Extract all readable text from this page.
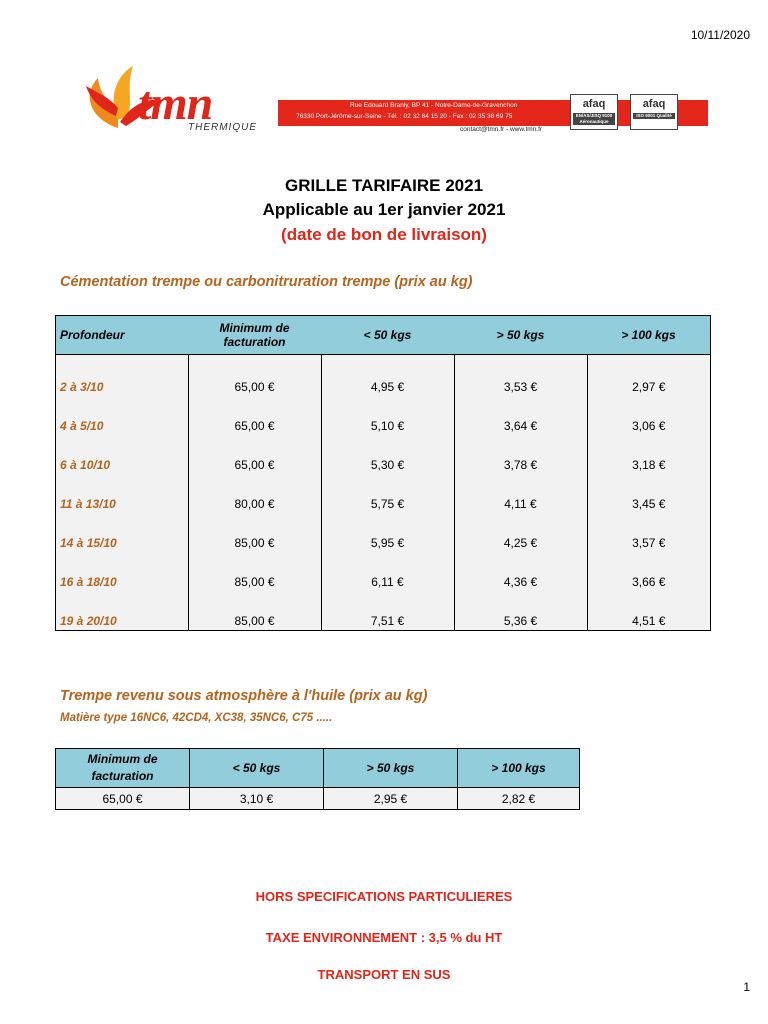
10/11/2020
tmn
THERMIQUE
Rue Edouard Branly, BP 41 - Notre-Dame-de-Gravenchon
76330 Port-Jérôme-sur-Seine - Tél. : 02 32 84 15 20 - Fax : 02 35 38 69 75
contact@tmn.fr - www.tmn.fr
afaq
EN/AS/JISQ 9100 Aéronautique
afaq
ISO 9001 Qualité
GRILLE TARIFAIRE 2021
Applicable au 1er janvier 2021
(date de bon de livraison)
Cémentation trempe ou carbonitruration trempe (prix au kg)
Profondeur	Minimum de facturation	< 50 kgs	> 50 kgs	> 100 kgs
2 à 3/10	65,00 €	4,95 €	3,53 €	2,97 €
4 à 5/10	65,00 €	5,10 €	3,64 €	3,06 €
6 à 10/10	65,00 €	5,30 €	3,78 €	3,18 €
11 à 13/10	80,00 €	5,75 €	4,11 €	3,45 €
14 à 15/10	85,00 €	5,95 €	4,25 €	3,57 €
16 à 18/10	85,00 €	6,11 €	4,36 €	3,66 €
19 à 20/10	85,00 €	7,51 €	5,36 €	4,51 €
Trempe revenu sous atmosphère à l'huile (prix au kg)
Matière type 16NC6, 42CD4, XC38, 35NC6, C75 .....
Minimum de facturation	< 50 kgs	> 50 kgs	> 100 kgs
65,00 €	3,10 €	2,95 €	2,82 €
HORS SPECIFICATIONS PARTICULIERES
TAXE ENVIRONNEMENT : 3,5 % du HT
TRANSPORT EN SUS
1
